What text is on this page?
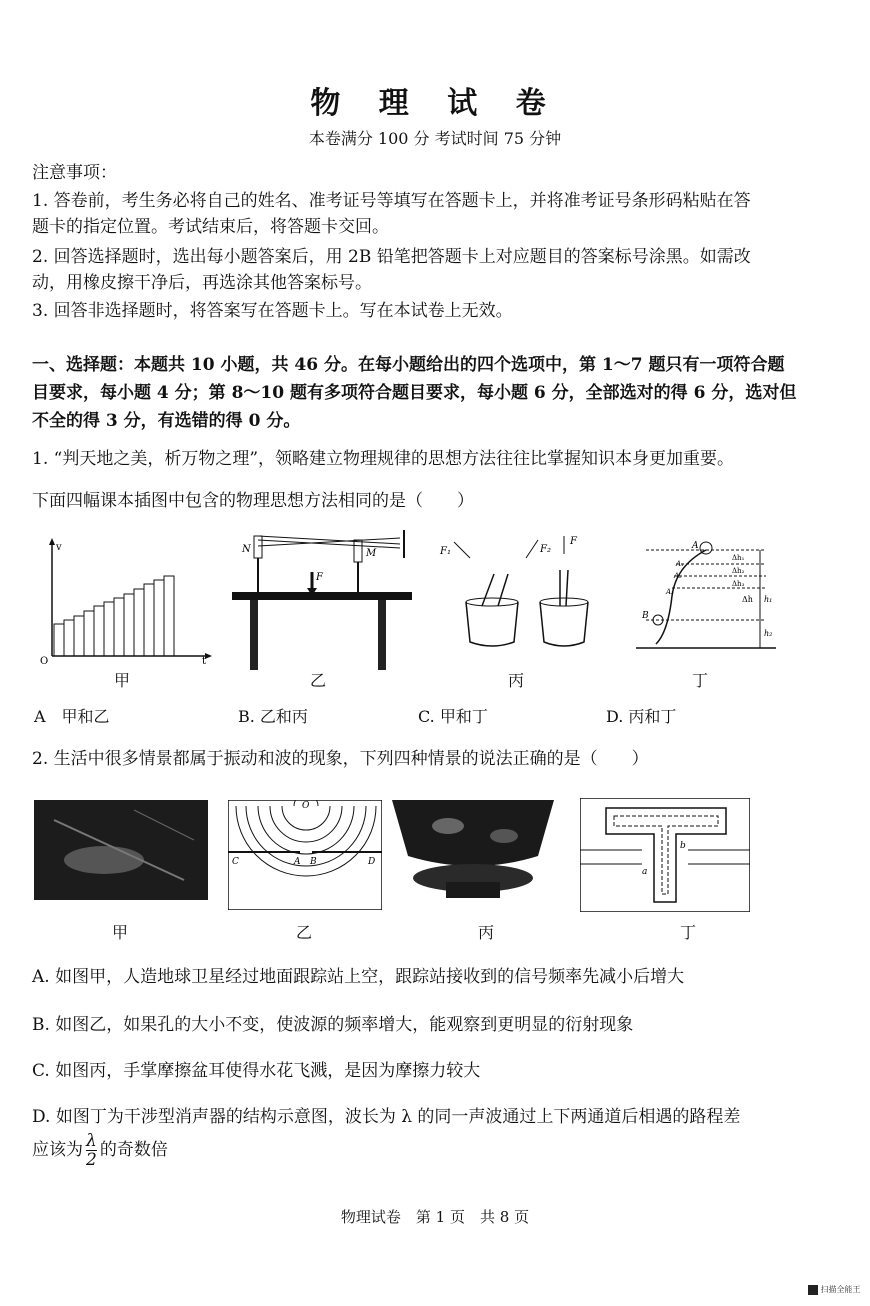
物 理 试 卷
本卷满分 100 分 考试时间 75 分钟
注意事项：
1. 答卷前，考生务必将自己的姓名、准考证号等填写在答题卡上，并将准考证号条形码粘贴在答
题卡的指定位置。考试结束后，将答题卡交回。
2. 回答选择题时，选出每小题答案后，用 2B 铅笔把答题卡上对应题目的答案标号涂黑。如需改
动，用橡皮擦干净后，再选涂其他答案标号。
3. 回答非选择题时，将答案写在答题卡上。写在本试卷上无效。
一、选择题：本题共 10 小题，共 46 分。在每小题给出的四个选项中，第 1～7 题只有一项符合题
目要求，每小题 4 分；第 8～10 题有多项符合题目要求，每小题 6 分，全部选对的得 6 分，选对但
不全的得 3 分，有选错的得 0 分。
1. “判天地之美，析万物之理”，领略建立物理规律的思想方法往往比掌握知识本身更加重要。
下面四幅课本插图中包含的物理思想方法相同的是（　　）
v
t
O
N	M
F
F₁	F₂
F	A
B
A₁
A₂
A₃
Δh₁
Δh₂
Δh₃
Δh h₁
h₂
甲	乙	丙	丁
A　甲和乙	B. 乙和丙	C. 甲和丁	D. 丙和丁
2. 生活中很多情景都属于振动和波的现象，下列四种情景的说法正确的是（　　）
O
C	A B	D
a
b
甲	乙	丙	丁
A. 如图甲，人造地球卫星经过地面跟踪站上空，跟踪站接收到的信号频率先减小后增大
B. 如图乙，如果孔的大小不变，使波源的频率增大，能观察到更明显的衍射现象
C. 如图丙，手掌摩擦盆耳使得水花飞溅，是因为摩擦力较大
D. 如图丁为干涉型消声器的结构示意图，波长为 λ 的同一声波通过上下两通道后相遇的路程差
应该为 $\frac{\lambda}{2}$ 的奇数倍
物理试卷　第 1 页　共 8 页
扫描全能王
